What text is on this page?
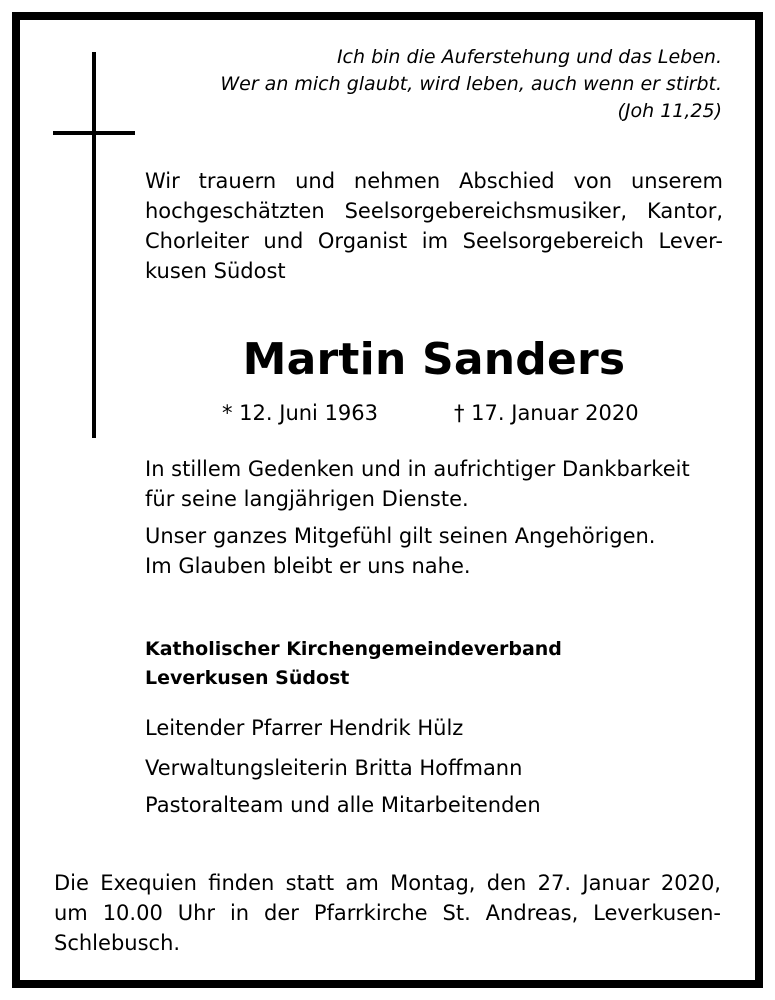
Ich bin die Auferstehung und das Leben.
Wer an mich glaubt, wird leben, auch wenn er stirbt.
(Joh 11,25)
Wir trauern und nehmen Abschied von unserem hochgeschätzten Seelsorgebereichsmusiker, Kantor, Chorleiter und Organist im Seelsorgebereich Lever-kusen Südost
Martin Sanders
* 12. Juni 1963	† 17. Januar 2020
In stillem Gedenken und in aufrichtiger Dankbarkeit
für seine langjährigen Dienste.
Unser ganzes Mitgefühl gilt seinen Angehörigen.
Im Glauben bleibt er uns nahe.
Katholischer Kirchengemeindeverband
Leverkusen Südost
Leitender Pfarrer Hendrik Hülz
Verwaltungsleiterin Britta Hoffmann
Pastoralteam und alle Mitarbeitenden
Die Exequien finden statt am Montag, den 27. Januar 2020,
um 10.00 Uhr in der Pfarrkirche St. Andreas, Leverkusen-
Schlebusch.
